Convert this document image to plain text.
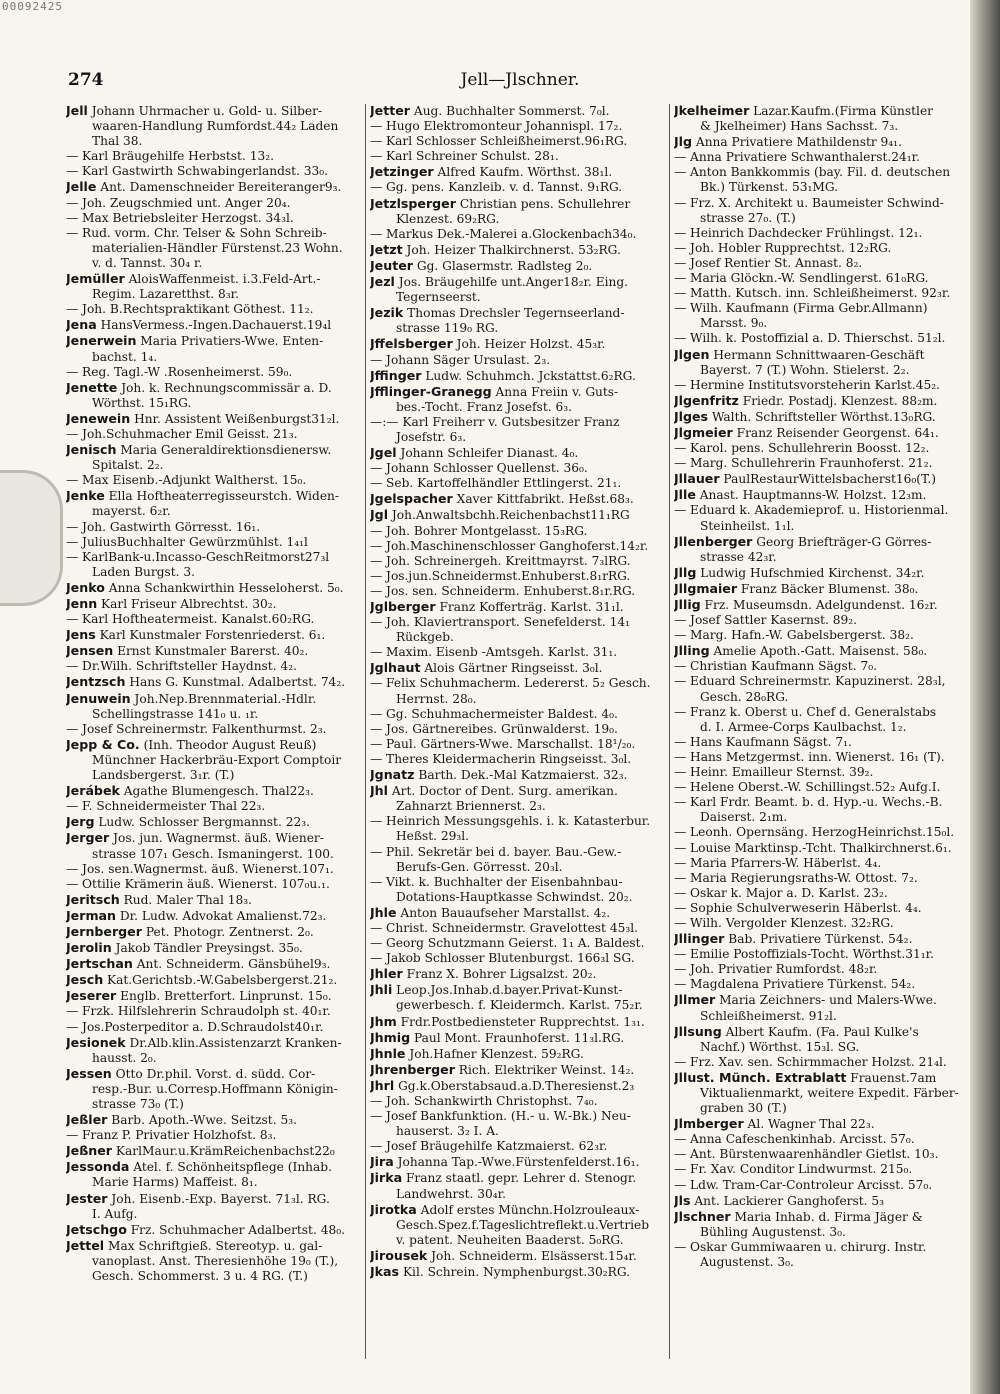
00092425
274	Jell—Jlschner.
Jell Johann Uhrmacher u. Gold- u. Silber-
waaren-Handlung Rumfordst.44₂ Laden
Thal 38.
— Karl Bräugehilfe Herbstst. 13₂.
— Karl Gastwirth Schwabingerlandst. 33₀.
Jelle Ant. Damenschneider Bereiteranger9₃.
— Joh. Zeugschmied unt. Anger 20₄.
— Max Betriebsleiter Herzogst. 34₃l.
— Rud. vorm. Chr. Telser & Sohn Schreib-
materialien-Händler Fürstenst.23 Wohn.
v. d. Tannst. 30₄ r.
Jemüller AloisWaffenmeist. i.3.Feld-Art.-
Regim. Lazaretthst. 8₃r.
— Joh. B.Rechtspraktikant Göthest. 11₂.
Jena HansVermess.-Ingen.Dachauerst.19₄l
Jenerwein Maria Privatiers-Wwe. Enten-
bachst. 1₄.
— Reg. Tagl.-W .Rosenheimerst. 59₀.
Jenette Joh. k. Rechnungscommissär a. D.
Wörthst. 15₁RG.
Jenewein Hnr. Assistent Weißenburgst31₂l.
— Joh.Schuhmacher Emil Geisst. 21₃.
Jenisch Maria Generaldirektionsdienersw.
Spitalst. 2₂.
— Max Eisenb.-Adjunkt Waltherst. 15₀.
Jenke Ella Hoftheaterregisseurstch. Widen-
mayerst. 6₂r.
— Joh. Gastwirth Görresst. 16₁.
— JuliusBuchhalter Gewürzmühlst. 1₄₁l
— KarlBank-u.Incasso-GeschReitmorst27₃l
Laden Burgst. 3.
Jenko Anna Schankwirthin Hesseloherst. 5₀.
Jenn Karl Friseur Albrechtst. 30₂.
— Karl Hoftheatermeist. Kanalst.60₂RG.
Jens Karl Kunstmaler Forstenriederst. 6₁.
Jensen Ernst Kunstmaler Barerst. 40₂.
— Dr.Wilh. Schriftsteller Haydnst. 4₂.
Jentzsch Hans G. Kunstmal. Adalbertst. 74₂.
Jenuwein Joh.Nep.Brennmaterial.-Hdlr.
Schellingstrasse 141₀ u. ₁r.
— Josef Schreinermstr. Falkenthurmst. 2₃.
Jepp & Co. (Inh. Theodor August Reuß)
Münchner Hackerbräu-Export Comptoir
Landsbergerst. 3₁r. (T.)
Jerábek Agathe Blumengesch. Thal22₃.
— F. Schneidermeister Thal 22₃.
Jerg Ludw. Schlosser Bergmannst. 22₃.
Jerger Jos. jun. Wagnermst. äuß. Wiener-
strasse 107₁ Gesch. Ismaningerst. 100.
— Jos. sen.Wagnermst. äuß. Wienerst.107₁.
— Ottilie Krämerin äuß. Wienerst. 107₀u.₁.
Jeritsch Rud. Maler Thal 18₃.
Jerman Dr. Ludw. Advokat Amalienst.72₃.
Jernberger Pet. Photogr. Zentnerst. 2₀.
Jerolin Jakob Tändler Preysingst. 35₀.
Jertschan Ant. Schneiderm. Gänsbühel9₃.
Jesch Kat.Gerichtsb.-W.Gabelsbergerst.21₂.
Jeserer Englb. Bretterfort. Linprunst. 15₀.
— Frzk. Hilfslehrerin Schraudolph st. 40₁r.
— Jos.Posterpeditor a. D.Schraudolst40₁r.
Jesionek Dr.Alb.klin.Assistenzarzt Kranken-
hausst. 2₀.
Jessen Otto Dr.phil. Vorst. d. südd. Cor-
resp.-Bur. u.Corresp.Hoffmann Königin-
strasse 73₀ (T.)
Jeßler Barb. Apoth.-Wwe. Seitzst. 5₃.
— Franz P. Privatier Holzhofst. 8₃.
Jeßner KarlMaur.u.KrämReichenbachst22₀
Jessonda Atel. f. Schönheitspflege (Inhab.
Marie Harms) Maffeist. 8₁.
Jester Joh. Eisenb.-Exp. Bayerst. 71₃l. RG.
I. Aufg.
Jetschgo Frz. Schuhmacher Adalbertst. 48₀.
Jettel Max Schriftgieß. Stereotyp. u. gal-
vanoplast. Anst. Theresienhöhe 19₀ (T.),
Gesch. Schommerst. 3 u. 4 RG. (T.)
Jetter Aug. Buchhalter Sommerst. 7₀l.
— Hugo Elektromonteur Johannispl. 17₂.
— Karl Schlosser Schleißheimerst.96₁RG.
— Karl Schreiner Schulst. 28₁.
Jetzinger Alfred Kaufm. Wörthst. 38₁l.
— Gg. pens. Kanzleib. v. d. Tannst. 9₁RG.
Jetzlsperger Christian pens. Schullehrer
Klenzest. 69₂RG.
— Markus Dek.-Malerei a.Glockenbach34₀.
Jetzt Joh. Heizer Thalkirchnerst. 53₂RG.
Jeuter Gg. Glasermstr. Radlsteg 2₀.
Jezl Jos. Bräugehilfe unt.Anger18₂r. Eing.
Tegernseerst.
Jezik Thomas Drechsler Tegernseerland-
strasse 119₀ RG.
Jffelsberger Joh. Heizer Holzst. 45₃r.
— Johann Säger Ursulast. 2₃.
Jffinger Ludw. Schuhmch. Jckstattst.6₂RG.
Jfflinger-Granegg Anna Freiin v. Guts-
bes.-Tocht. Franz Josefst. 6₃.
—:— Karl Freiherr v. Gutsbesitzer Franz
Josefstr. 6₃.
Jgel Johann Schleifer Dianast. 4₀.
— Johann Schlosser Quellenst. 36₀.
— Seb. Kartoffelhändler Ettlingerst. 21₁.
Jgelspacher Xaver Kittfabrikt. Heßst.68₃.
Jgl Joh.Anwaltsbchh.Reichenbachst11₁RG
— Joh. Bohrer Montgelasst. 15₃RG.
— Joh.Maschinenschlosser Ganghoferst.14₂r.
— Joh. Schreinergeh. Kreittmayrst. 7₃lRG.
— Jos.jun.Schneidermst.Enhuberst.8₁rRG.
— Jos. sen. Schneiderm. Enhuberst.8₁r.RG.
Jglberger Franz Kofferträg. Karlst. 31₁l.
— Joh. Klaviertransport. Senefelderst. 14₁
Rückgeb.
— Maxim. Eisenb -Amtsgeh. Karlst. 31₁.
Jglhaut Alois Gärtner Ringseisst. 3₀l.
— Felix Schuhmacherm. Ledererst. 5₂ Gesch.
Herrnst. 28₀.
— Gg. Schuhmachermeister Baldest. 4₀.
— Jos. Gärtnereibes. Grünwalderst. 19₀.
— Paul. Gärtners-Wwe. Marschallst. 18¹/₂₀.
— Theres Kleidermacherin Ringseisst. 3₀l.
Jgnatz Barth. Dek.-Mal Katzmaierst. 32₃.
Jhl Art. Doctor of Dent. Surg. amerikan.
Zahnarzt Briennerst. 2₃.
— Heinrich Messungsgehls. i. k. Katasterbur.
Heßst. 29₃l.
— Phil. Sekretär bei d. bayer. Bau.-Gew.-
Berufs-Gen. Görresst. 20₃l.
— Vikt. k. Buchhalter der Eisenbahnbau-
Dotations-Hauptkasse Schwindst. 20₂.
Jhle Anton Bauaufseher Marstallst. 4₂.
— Christ. Schneidermstr. Gravelottest 45₃l.
— Georg Schutzmann Geierst. 1₁ A. Baldest.
— Jakob Schlosser Blutenburgst. 166₃l SG.
Jhler Franz X. Bohrer Ligsalzst. 20₂.
Jhli Leop.Jos.Inhab.d.bayer.Privat-Kunst-
gewerbesch. f. Kleidermch. Karlst. 75₂r.
Jhm Frdr.Postbediensteter Rupprechtst. 1₃₁.
Jhmig Paul Mont. Fraunhoferst. 11₃l.RG.
Jhnle Joh.Hafner Klenzest. 59₂RG.
Jhrenberger Rich. Elektriker Weinst. 14₂.
Jhrl Gg.k.Oberstabsaud.a.D.Theresienst.2₃
— Joh. Schankwirth Christophst. 7₄₀.
— Josef Bankfunktion. (H.- u. W.-Bk.) Neu-
hauserst. 3₂ I. A.
— Josef Bräugehilfe Katzmaierst. 62₃r.
Jira Johanna Tap.-Wwe.Fürstenfelderst.16₁.
Jirka Franz staatl. gepr. Lehrer d. Stenogr.
Landwehrst. 30₄r.
Jirotka Adolf erstes Münchn.Holzrouleaux-
Gesch.Spez.f.Tageslichtreflekt.u.Vertrieb
v. patent. Neuheiten Baaderst. 5₀RG.
Jirousek Joh. Schneiderm. Elsässerst.15₄r.
Jkas Kil. Schrein. Nymphenburgst.30₂RG.
Jkelheimer Lazar.Kaufm.(Firma Künstler
& Jkelheimer) Hans Sachsst. 7₃.
Jlg Anna Privatiere Mathildenstr 9₄₁.
— Anna Privatiere Schwanthalerst.24₁r.
— Anton Bankkommis (bay. Fil. d. deutschen
Bk.) Türkenst. 53₁MG.
— Frz. X. Architekt u. Baumeister Schwind-
strasse 27₀. (T.)
— Heinrich Dachdecker Frühlingst. 12₁.
— Joh. Hobler Rupprechtst. 12₂RG.
— Josef Rentier St. Annast. 8₂.
— Maria Glöckn.-W. Sendlingerst. 61₀RG.
— Matth. Kutsch. inn. Schleißheimerst. 92₃r.
— Wilh. Kaufmann (Firma Gebr.Allmann)
Marsst. 9₀.
— Wilh. k. Postoffizial a. D. Thierschst. 51₂l.
Jlgen Hermann Schnittwaaren-Geschäft
Bayerst. 7 (T.) Wohn. Stielerst. 2₂.
— Hermine Institutsvorsteherin Karlst.45₂.
Jlgenfritz Friedr. Postadj. Klenzest. 88₂m.
Jlges Walth. Schriftsteller Wörthst.13₀RG.
Jlgmeier Franz Reisender Georgenst. 64₁.
— Karol. pens. Schullehrerin Boosst. 12₂.
— Marg. Schullehrerin Fraunhoferst. 21₂.
Jllauer PaulRestaurWittelsbacherst16₀(T.)
Jlle Anast. Hauptmanns-W. Holzst. 12₃m.
— Eduard k. Akademieprof. u. Historienmal.
Steinheilst. 1₁l.
Jllenberger Georg Briefträger-G Görres-
strasse 42₃r.
Jllg Ludwig Hufschmied Kirchenst. 34₂r.
Jllgmaier Franz Bäcker Blumenst. 38₀.
Jllig Frz. Museumsdn. Adelgundenst. 16₂r.
— Josef Sattler Kasernst. 89₂.
— Marg. Hafn.-W. Gabelsbergerst. 38₂.
Jlling Amelie Apoth.-Gatt. Maisenst. 58₀.
— Christian Kaufmann Sägst. 7₀.
— Eduard Schreinermstr. Kapuzinerst. 28₃l,
Gesch. 28₀RG.
— Franz k. Oberst u. Chef d. Generalstabs
d. I. Armee-Corps Kaulbachst. 1₂.
— Hans Kaufmann Sägst. 7₁.
— Hans Metzgermst. inn. Wienerst. 16₁ (T).
— Heinr. Emailleur Sternst. 39₂.
— Helene Oberst.-W. Schillingst.52₂ Aufg.I.
— Karl Frdr. Beamt. b. d. Hyp.-u. Wechs.-B.
Daiserst. 2₁m.
— Leonh. Opernsäng. HerzogHeinrichst.15₀l.
— Louise Marktinsp.-Tcht. Thalkirchnerst.6₁.
— Maria Pfarrers-W. Häberlst. 4₄.
— Maria Regierungsraths-W. Ottost. 7₂.
— Oskar k. Major a. D. Karlst. 23₂.
— Sophie Schulverweserin Häberlst. 4₄.
— Wilh. Vergolder Klenzest. 32₂RG.
Jllinger Bab. Privatiere Türkenst. 54₂.
— Emilie Postoffizials-Tocht. Wörthst.31₁r.
— Joh. Privatier Rumfordst. 48₂r.
— Magdalena Privatiere Türkenst. 54₂.
Jllmer Maria Zeichners- und Malers-Wwe.
Schleißheimerst. 91₂l.
Jllsung Albert Kaufm. (Fa. Paul Kulke's
Nachf.) Wörthst. 15₃l. SG.
— Frz. Xav. sen. Schirmmacher Holzst. 21₄l.
Jllust. Münch. Extrablatt Frauenst.7am
Viktualienmarkt, weitere Expedit. Färber-
graben 30 (T.)
Jlmberger Al. Wagner Thal 22₃.
— Anna Cafeschenkinhab. Arcisst. 57₀.
— Ant. Bürstenwaarenhändler Gietlst. 10₃.
— Fr. Xav. Conditor Lindwurmst. 215₀.
— Ldw. Tram-Car-Controleur Arcisst. 57₀.
Jls Ant. Lackierer Ganghoferst. 5₃
Jlschner Maria Inhab. d. Firma Jäger &
Bühling Augustenst. 3₀.
— Oskar Gummiwaaren u. chirurg. Instr.
Augustenst. 3₀.
